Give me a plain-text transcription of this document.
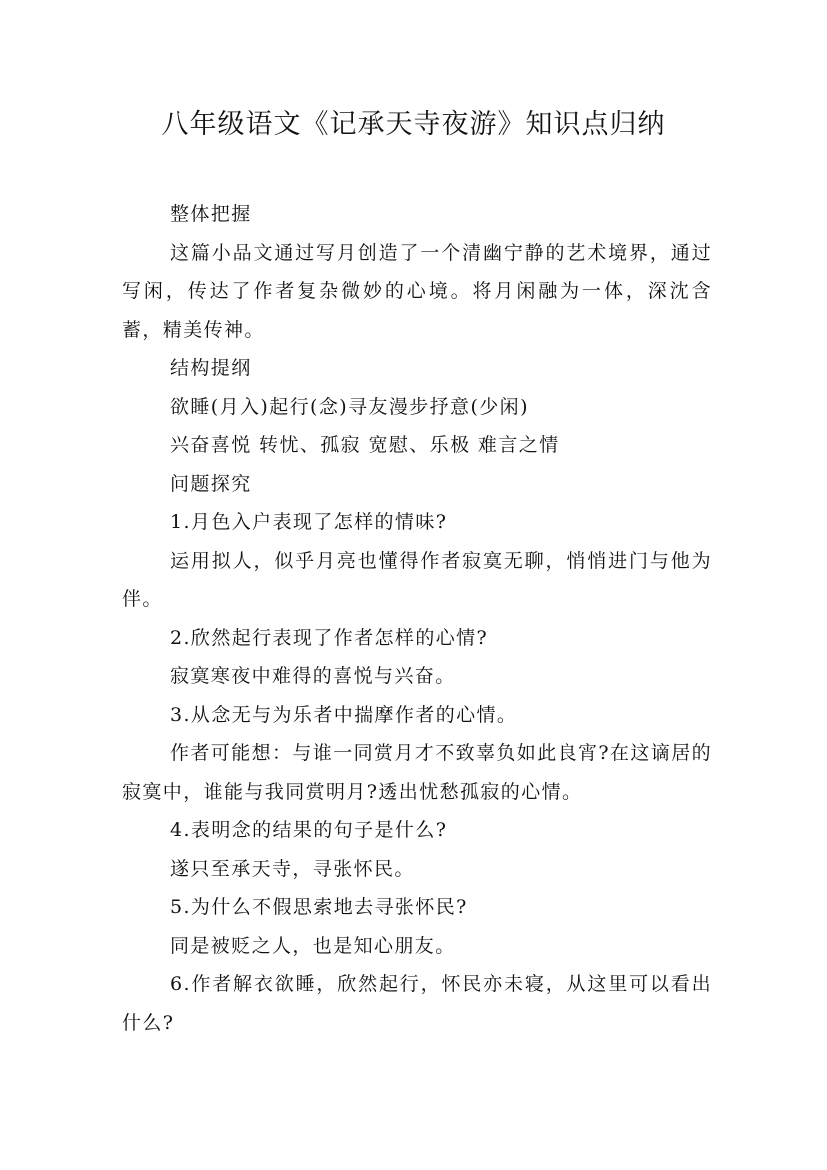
八年级语文《记承天寺夜游》知识点归纳

整体把握

这篇小品文通过写月创造了一个清幽宁静的艺术境界，通过写闲，传达了作者复杂微妙的心境。将月闲融为一体，深沈含蓄，精美传神。

结构提纲

欲睡(月入)起行(念)寻友漫步抒意(少闲)

兴奋喜悦 转忧、孤寂 宽慰、乐极 难言之情

问题探究

1.月色入户表现了怎样的情味?

运用拟人，似乎月亮也懂得作者寂寞无聊，悄悄进门与他为伴。

2.欣然起行表现了作者怎样的心情?

寂寞寒夜中难得的喜悦与兴奋。

3.从念无与为乐者中揣摩作者的心情。

作者可能想：与谁一同赏月才不致辜负如此良宵?在这谪居的寂寞中，谁能与我同赏明月?透出忧愁孤寂的心情。

4.表明念的结果的句子是什么?

遂只至承天寺，寻张怀民。

5.为什么不假思索地去寻张怀民?

同是被贬之人，也是知心朋友。

6.作者解衣欲睡，欣然起行，怀民亦未寝，从这里可以看出什么?
